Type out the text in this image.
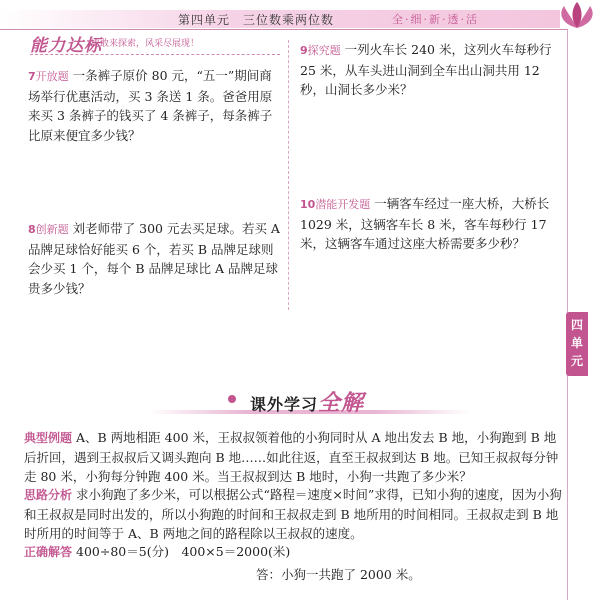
第四单元　三位数乘两位数	全·细·新·透·活
能力达标
勇敢来探索，风采尽展现！
7开放题 一条裤子原价 80 元，“五一”期间商场举行优惠活动，买 3 条送 1 条。爸爸用原来买 3 条裤子的钱买了 4 条裤子，每条裤子比原来便宜多少钱？
8创新题 刘老师带了 300 元去买足球。若买 A 品牌足球恰好能买 6 个，若买 B 品牌足球则会少买 1 个，每个 B 品牌足球比 A 品牌足球贵多少钱？
9探究题 一列火车长 240 米，这列火车每秒行 25 米，从车头进山洞到全车出山洞共用 12 秒，山洞长多少米？
10潜能开发题 一辆客车经过一座大桥，大桥长 1029 米，这辆客车长 8 米，客车每秒行 17 米，这辆客车通过这座大桥需要多少秒？
四
单
元
课外学习全解
典型例题 A、B 两地相距 400 米，王叔叔领着他的小狗同时从 A 地出发去 B 地，小狗跑到 B 地后折回，遇到王叔叔后又调头跑向 B 地……如此往返，直至王叔叔到达 B 地。已知王叔叔每分钟走 80 米，小狗每分钟跑 400 米。当王叔叔到达 B 地时，小狗一共跑了多少米？
思路分析 求小狗跑了多少米，可以根据公式“路程＝速度×时间”求得，已知小狗的速度，因为小狗和王叔叔是同时出发的，所以小狗跑的时间和王叔叔走到 B 地所用的时间相同。王叔叔走到 B 地时所用的时间等于 A、B 两地之间的路程除以王叔叔的速度。
正确解答 400÷80＝5(分)　400×5＝2000(米)
答：小狗一共跑了 2000 米。
